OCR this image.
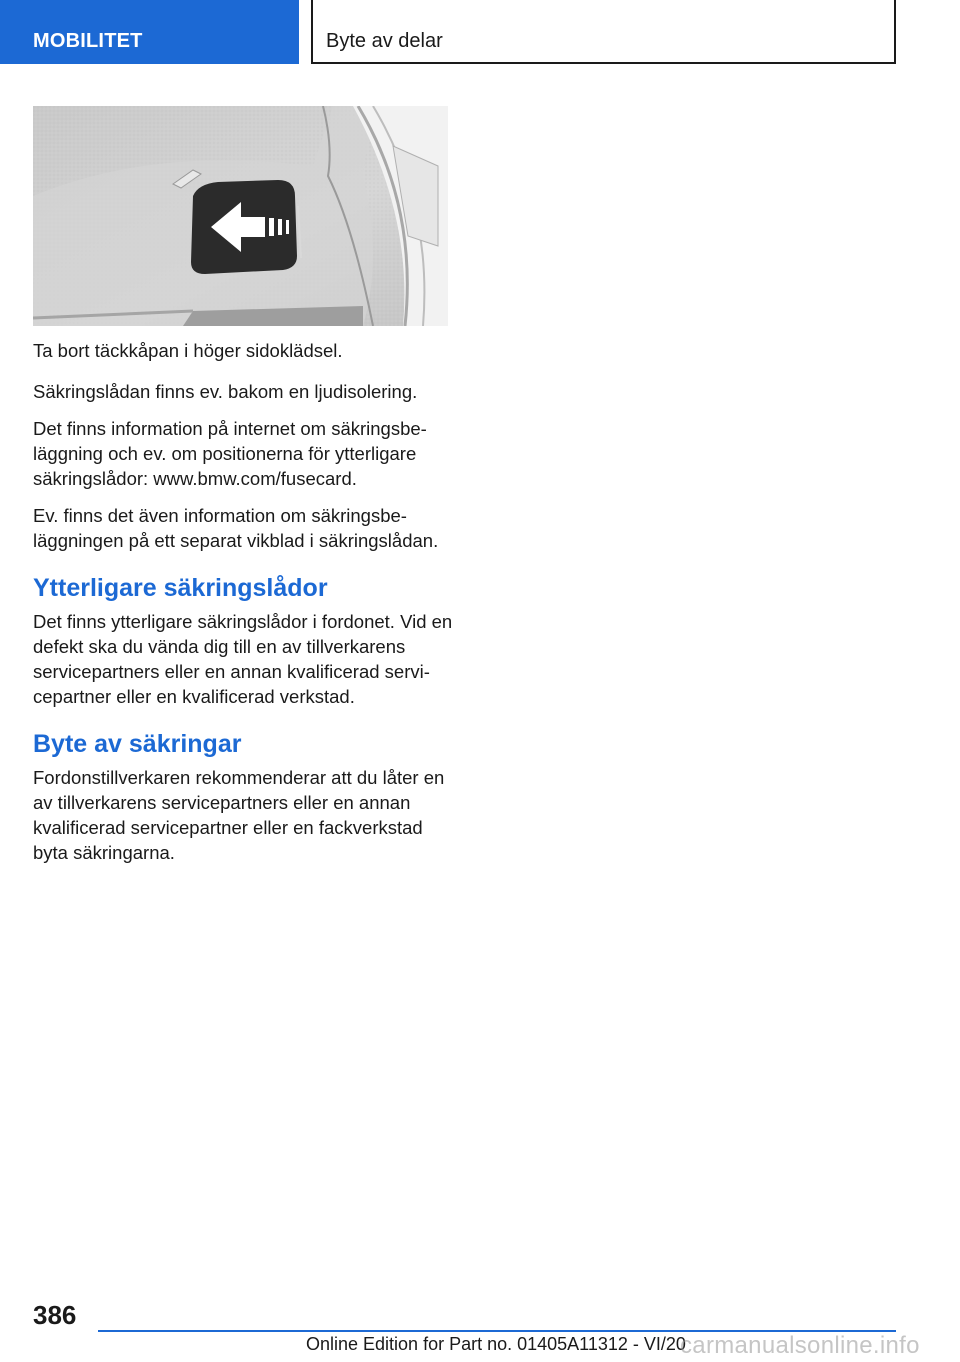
MOBILITET	Byte av delar

Ta bort täckkåpan i höger sidoklädsel.

Säkringslådan finns ev. bakom en ljudisolering.

Det finns information på internet om säkringsbeläggning och ev. om positionerna för ytterligare säkringslådor: www.bmw.com/fusecard.

Ev. finns det även information om säkringsbeläggningen på ett separat vikblad i säkringslådan.

Ytterligare säkringslådor

Det finns ytterligare säkringslådor i fordonet. Vid en defekt ska du vända dig till en av tillverkarens servicepartners eller en annan kvalificerad servicepartner eller en kvalificerad verkstad.

Byte av säkringar

Fordonstillverkaren rekommenderar att du låter en av tillverkarens servicepartners eller en annan kvalificerad servicepartner eller en fackverkstad byta säkringarna.

386
Online Edition for Part no. 01405A11312 - VI/20
carmanualsonline.info
